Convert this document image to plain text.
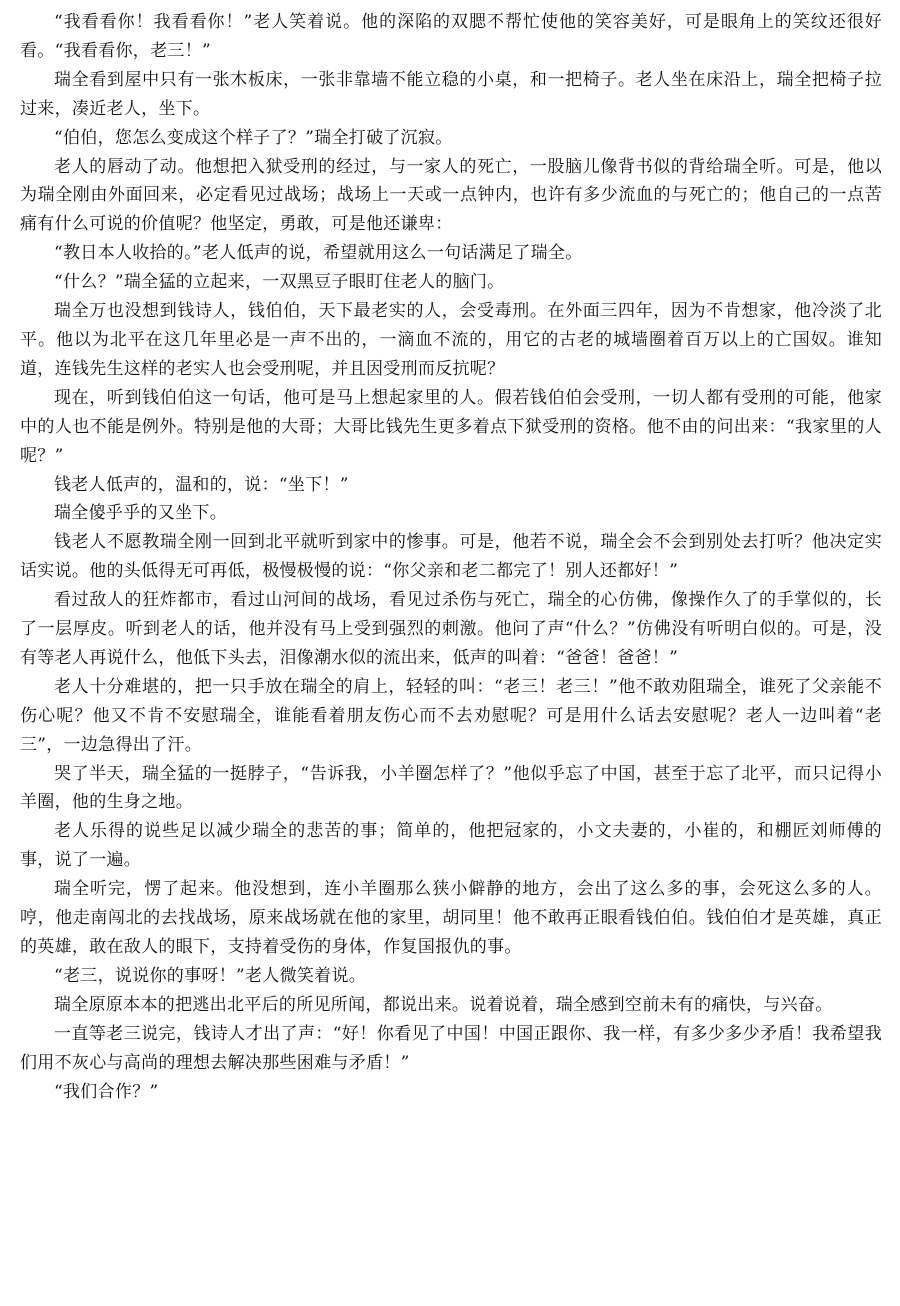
“我看看你！我看看你！”老人笑着说。他的深陷的双腮不帮忙使他的笑容美好，可是眼角上的笑纹还很好看。“我看看你，老三！”

瑞全看到屋中只有一张木板床，一张非靠墙不能立稳的小桌，和一把椅子。老人坐在床沿上，瑞全把椅子拉过来，凑近老人，坐下。

“伯伯，您怎么变成这个样子了？”瑞全打破了沉寂。

老人的唇动了动。他想把入狱受刑的经过，与一家人的死亡，一股脑儿像背书似的背给瑞全听。可是，他以为瑞全刚由外面回来，必定看见过战场；战场上一天或一点钟内，也许有多少流血的与死亡的；他自己的一点苦痛有什么可说的价值呢？他坚定，勇敢，可是他还谦卑：

“教日本人收拾的。”老人低声的说，希望就用这么一句话满足了瑞全。

“什么？”瑞全猛的立起来，一双黑豆子眼盯住老人的脑门。

瑞全万也没想到钱诗人，钱伯伯，天下最老实的人，会受毒刑。在外面三四年，因为不肯想家，他冷淡了北平。他以为北平在这几年里必是一声不出的，一滴血不流的，用它的古老的城墙圈着百万以上的亡国奴。谁知道，连钱先生这样的老实人也会受刑呢，并且因受刑而反抗呢？

现在，听到钱伯伯这一句话，他可是马上想起家里的人。假若钱伯伯会受刑，一切人都有受刑的可能，他家中的人也不能是例外。特别是他的大哥；大哥比钱先生更多着点下狱受刑的资格。他不由的问出来：“我家里的人呢？”

钱老人低声的，温和的，说：“坐下！”

瑞全傻乎乎的又坐下。

钱老人不愿教瑞全刚一回到北平就听到家中的惨事。可是，他若不说，瑞全会不会到别处去打听？他决定实话实说。他的头低得无可再低，极慢极慢的说：“你父亲和老二都完了！别人还都好！”

看过敌人的狂炸都市，看过山河间的战场，看见过杀伤与死亡，瑞全的心仿佛，像操作久了的手掌似的，长了一层厚皮。听到老人的话，他并没有马上受到强烈的刺激。他问了声“什么？”仿佛没有听明白似的。可是，没有等老人再说什么，他低下头去，泪像潮水似的流出来，低声的叫着：“爸爸！爸爸！”

老人十分难堪的，把一只手放在瑞全的肩上，轻轻的叫：“老三！老三！”他不敢劝阻瑞全，谁死了父亲能不伤心呢？他又不肯不安慰瑞全，谁能看着朋友伤心而不去劝慰呢？可是用什么话去安慰呢？老人一边叫着“老三”，一边急得出了汗。

哭了半天，瑞全猛的一挺脖子，“告诉我，小羊圈怎样了？”他似乎忘了中国，甚至于忘了北平，而只记得小羊圈，他的生身之地。

老人乐得的说些足以减少瑞全的悲苦的事；简单的，他把冠家的，小文夫妻的，小崔的，和棚匠刘师傅的事，说了一遍。

瑞全听完，愣了起来。他没想到，连小羊圈那么狭小僻静的地方，会出了这么多的事，会死这么多的人。哼，他走南闯北的去找战场，原来战场就在他的家里，胡同里！他不敢再正眼看钱伯伯。钱伯伯才是英雄，真正的英雄，敢在敌人的眼下，支持着受伤的身体，作复国报仇的事。

“老三，说说你的事呀！”老人微笑着说。

瑞全原原本本的把逃出北平后的所见所闻，都说出来。说着说着，瑞全感到空前未有的痛快，与兴奋。

一直等老三说完，钱诗人才出了声：“好！你看见了中国！中国正跟你、我一样，有多少多少矛盾！我希望我们用不灰心与高尚的理想去解决那些困难与矛盾！”

“我们合作？”
